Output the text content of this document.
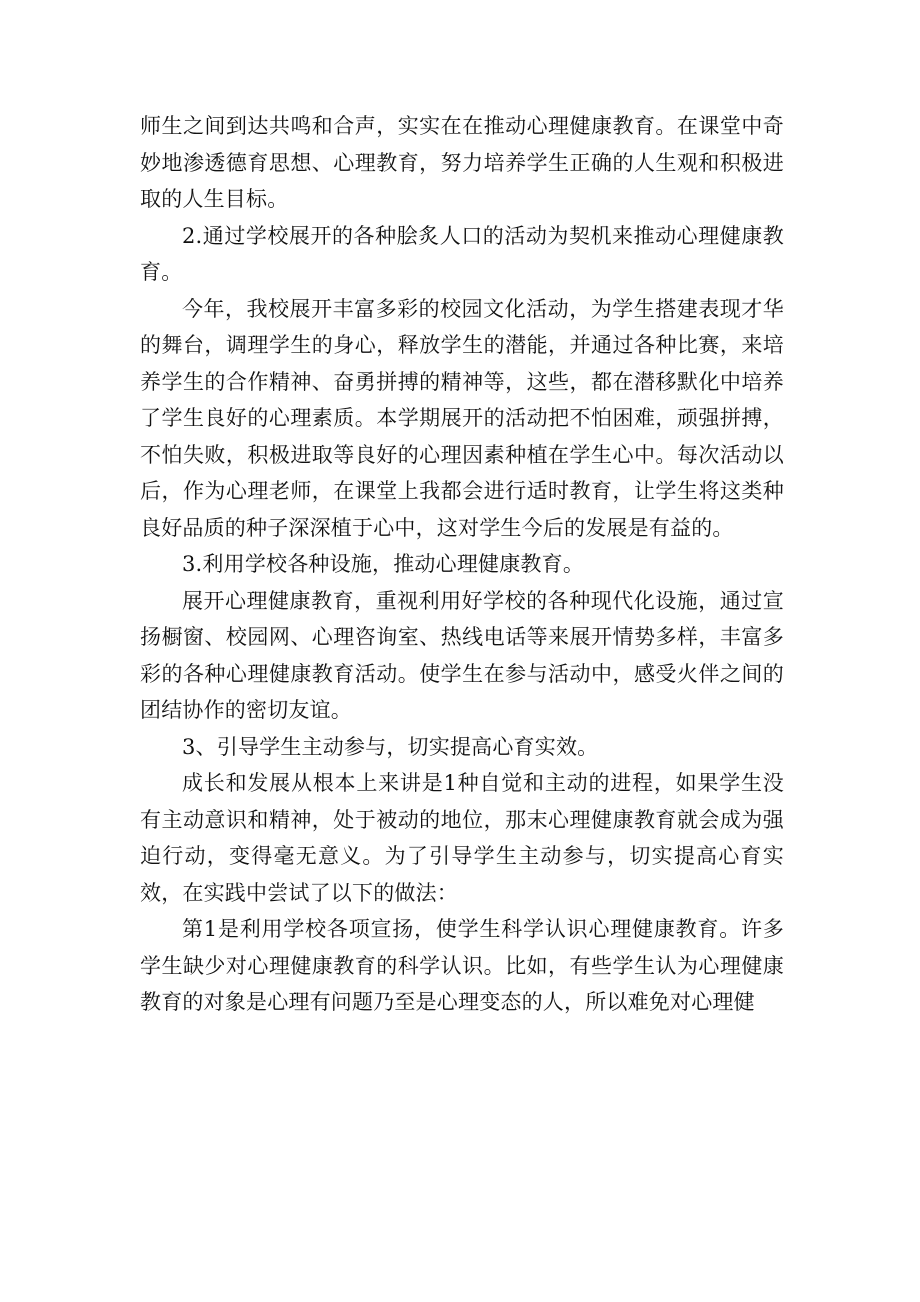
师生之间到达共鸣和合声，实实在在推动心理健康教育。在课堂中奇妙地渗透德育思想、心理教育，努力培养学生正确的人生观和积极进取的人生目标。

2.通过学校展开的各种脍炙人口的活动为契机来推动心理健康教育。

今年，我校展开丰富多彩的校园文化活动，为学生搭建表现才华的舞台，调理学生的身心，释放学生的潜能，并通过各种比赛，来培养学生的合作精神、奋勇拼搏的精神等，这些，都在潜移默化中培养了学生良好的心理素质。本学期展开的活动把不怕困难，顽强拼搏，不怕失败，积极进取等良好的心理因素种植在学生心中。每次活动以后，作为心理老师，在课堂上我都会进行适时教育，让学生将这类种良好品质的种子深深植于心中，这对学生今后的发展是有益的。

3.利用学校各种设施，推动心理健康教育。

展开心理健康教育，重视利用好学校的各种现代化设施，通过宣扬橱窗、校园网、心理咨询室、热线电话等来展开情势多样，丰富多彩的各种心理健康教育活动。使学生在参与活动中，感受火伴之间的团结协作的密切友谊。

3、引导学生主动参与，切实提高心育实效。

成长和发展从根本上来讲是1种自觉和主动的进程，如果学生没有主动意识和精神，处于被动的地位，那末心理健康教育就会成为强迫行动，变得毫无意义。为了引导学生主动参与，切实提高心育实效，在实践中尝试了以下的做法：

第1是利用学校各项宣扬，使学生科学认识心理健康教育。许多学生缺少对心理健康教育的科学认识。比如，有些学生认为心理健康教育的对象是心理有问题乃至是心理变态的人，所以难免对心理健
